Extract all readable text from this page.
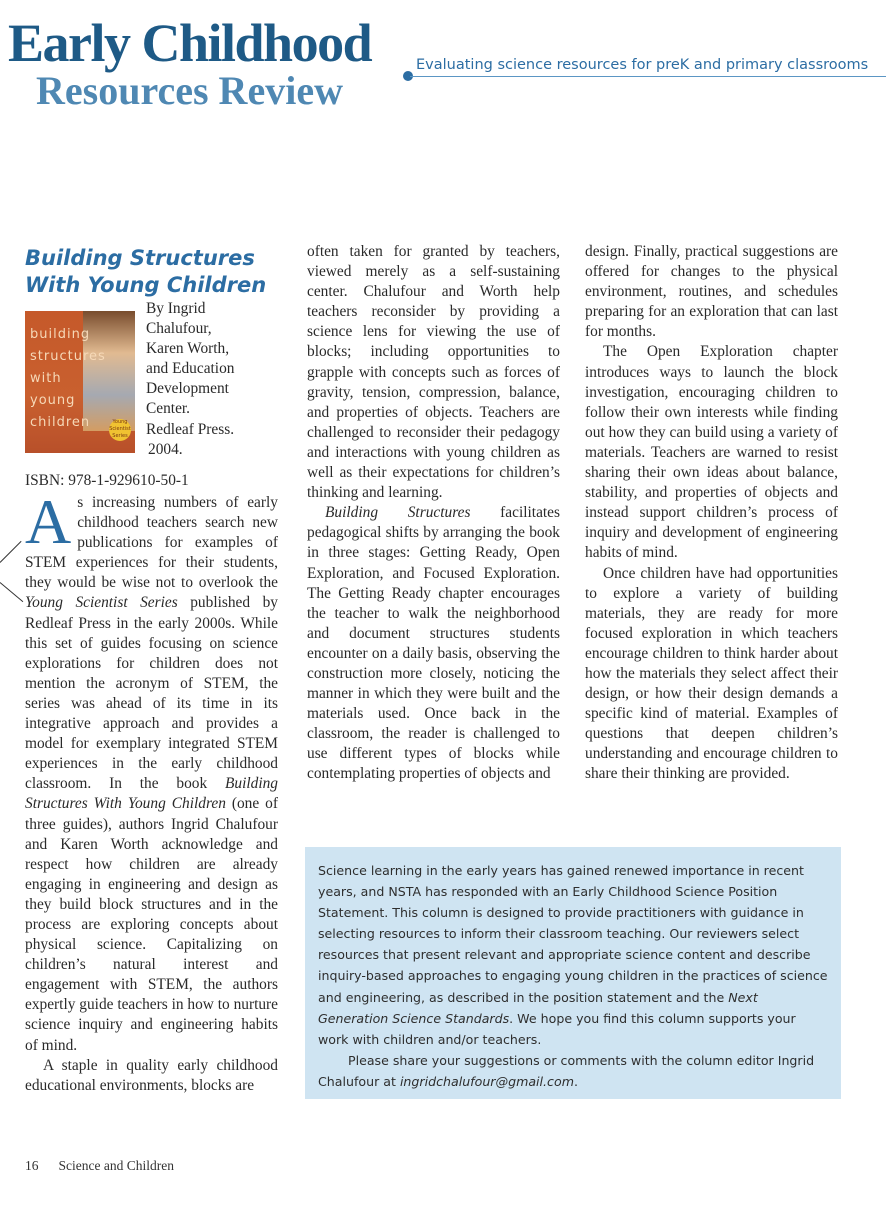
Early Childhood
Resources Review
Evaluating science resources for preK and primary classrooms
Building Structures
With Young Children
building
structures
with
young
children	Young Scientist Series
By Ingrid
Chalufour,
Karen Worth,
and Education
Development
Center.
Redleaf Press.
2004.
ISBN: 978-1-929610-50-1

As increasing numbers of early childhood teachers search new publications for examples of STEM experiences for their students, they would be wise not to overlook the Young Scientist Series published by Redleaf Press in the early 2000s. While this set of guides focusing on science explorations for children does not mention the acronym of STEM, the series was ahead of its time in its integrative approach and provides a model for exemplary integrated STEM experiences in the early childhood classroom. In the book Building Structures With Young Children (one of three guides), authors Ingrid Chalufour and Karen Worth acknowledge and respect how children are already engaging in engineering and design as they build block structures and in the process are exploring concepts about physical science. Capitalizing on children’s natural interest and engagement with STEM, the authors expertly guide teachers in how to nurture science inquiry and engineering habits of mind.

A staple in quality early childhood educational environments, blocks are

often taken for granted by teachers, viewed merely as a self-sustaining center. Chalufour and Worth help teachers reconsider by providing a science lens for viewing the use of blocks; including opportunities to grapple with concepts such as forces of gravity, tension, compression, balance, and properties of objects. Teachers are challenged to reconsider their pedagogy and interactions with young children as well as their expectations for children’s thinking and learning.

Building Structures facilitates pedagogical shifts by arranging the book in three stages: Getting Ready, Open Exploration, and Focused Exploration. The Getting Ready chapter encourages the teacher to walk the neighborhood and document structures students encounter on a daily basis, observing the construction more closely, noticing the manner in which they were built and the materials used. Once back in the classroom, the reader is challenged to use different types of blocks while contemplating properties of objects and

design. Finally, practical suggestions are offered for changes to the physical environment, routines, and schedules preparing for an exploration that can last for months.

The Open Exploration chapter introduces ways to launch the block investigation, encouraging children to follow their own interests while finding out how they can build using a variety of materials. Teachers are warned to resist sharing their own ideas about balance, stability, and properties of objects and instead support children’s process of inquiry and development of engineering habits of mind.

Once children have had opportunities to explore a variety of building materials, they are ready for more focused exploration in which teachers encourage children to think harder about how the materials they select affect their design, or how their design demands a specific kind of material. Examples of questions that deepen children’s understanding and encourage children to share their thinking are provided.

Science learning in the early years has gained renewed importance in recent years, and NSTA has responded with an Early Childhood Science Position Statement. This column is designed to provide practitioners with guidance in selecting resources to inform their classroom teaching. Our reviewers select resources that present relevant and appropriate science content and describe inquiry-based approaches to engaging young children in the practices of science and engineering, as described in the position statement and the Next Generation Science Standards. We hope you find this column supports your work with children and/or teachers.

Please share your suggestions or comments with the column editor Ingrid Chalufour at ingridchalufour@gmail.com.

16 Science and Children
